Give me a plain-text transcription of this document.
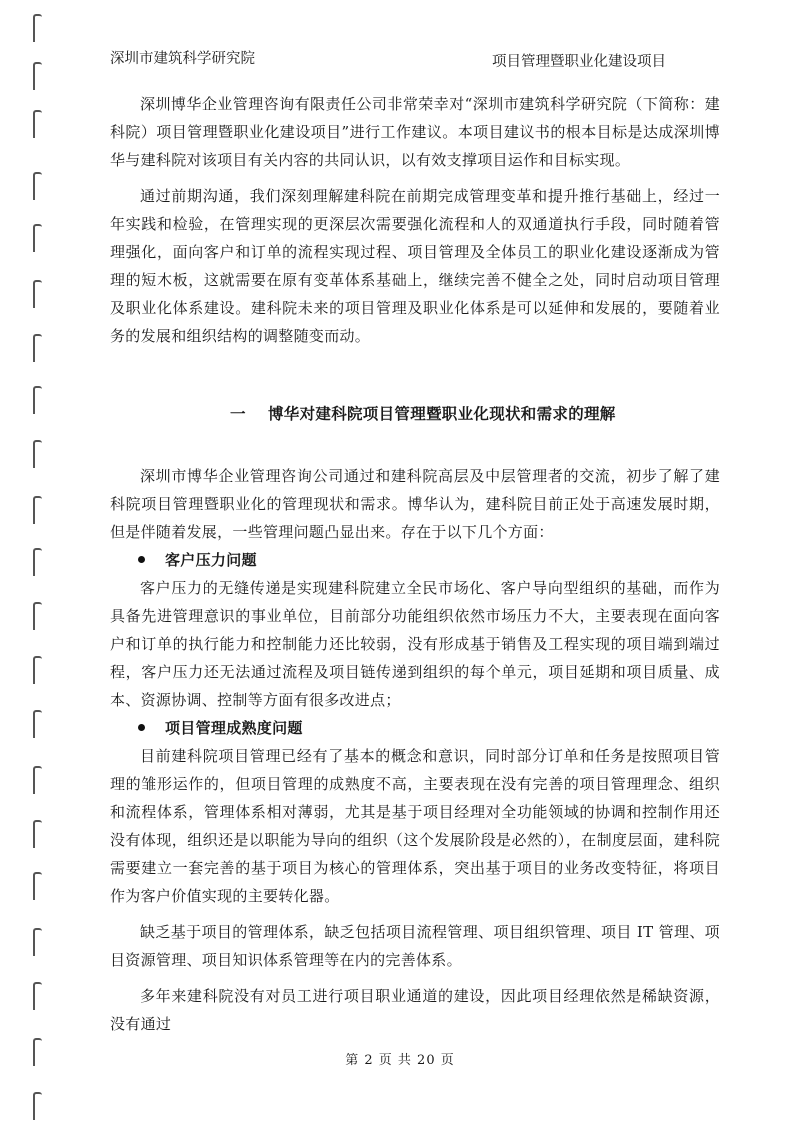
深圳市建筑科学研究院	项目管理暨职业化建设项目

深圳博华企业管理咨询有限责任公司非常荣幸对“深圳市建筑科学研究院（下简称：建科院）项目管理暨职业化建设项目”进行工作建议。本项目建议书的根本目标是达成深圳博华与建科院对该项目有关内容的共同认识，以有效支撑项目运作和目标实现。

通过前期沟通，我们深刻理解建科院在前期完成管理变革和提升推行基础上，经过一年实践和检验，在管理实现的更深层次需要强化流程和人的双通道执行手段，同时随着管理强化，面向客户和订单的流程实现过程、项目管理及全体员工的职业化建设逐渐成为管理的短木板，这就需要在原有变革体系基础上，继续完善不健全之处，同时启动项目管理及职业化体系建设。建科院未来的项目管理及职业化体系是可以延伸和发展的，要随着业务的发展和组织结构的调整随变而动。

一 博华对建科院项目管理暨职业化现状和需求的理解

深圳市博华企业管理咨询公司通过和建科院高层及中层管理者的交流，初步了解了建科院项目管理暨职业化的管理现状和需求。博华认为，建科院目前正处于高速发展时期，但是伴随着发展，一些管理问题凸显出来。存在于以下几个方面：

客户压力问题

客户压力的无缝传递是实现建科院建立全民市场化、客户导向型组织的基础，而作为具备先进管理意识的事业单位，目前部分功能组织依然市场压力不大，主要表现在面向客户和订单的执行能力和控制能力还比较弱，没有形成基于销售及工程实现的项目端到端过程，客户压力还无法通过流程及项目链传递到组织的每个单元，项目延期和项目质量、成本、资源协调、控制等方面有很多改进点；

项目管理成熟度问题

目前建科院项目管理已经有了基本的概念和意识，同时部分订单和任务是按照项目管理的雏形运作的，但项目管理的成熟度不高，主要表现在没有完善的项目管理理念、组织和流程体系，管理体系相对薄弱，尤其是基于项目经理对全功能领域的协调和控制作用还没有体现，组织还是以职能为导向的组织（这个发展阶段是必然的），在制度层面，建科院需要建立一套完善的基于项目为核心的管理体系，突出基于项目的业务改变特征，将项目作为客户价值实现的主要转化器。

缺乏基于项目的管理体系，缺乏包括项目流程管理、项目组织管理、项目 IT 管理、项目资源管理、项目知识体系管理等在内的完善体系。

多年来建科院没有对员工进行项目职业通道的建设，因此项目经理依然是稀缺资源，没有通过

第 2 页 共 20 页
